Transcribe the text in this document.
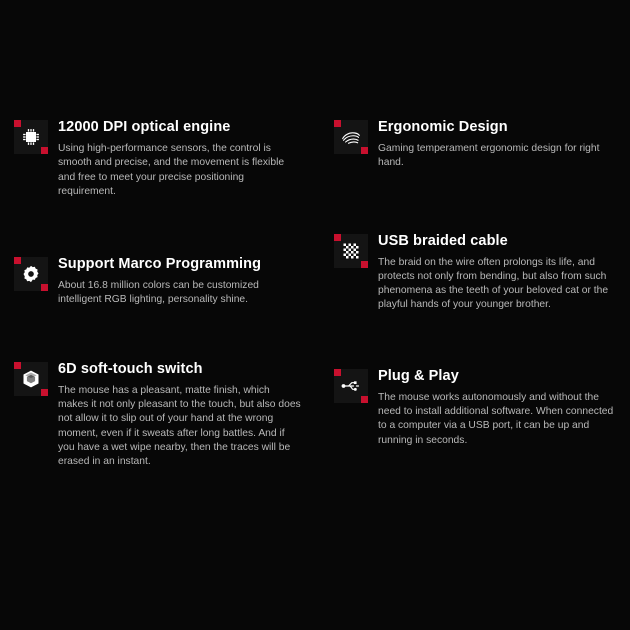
12000 DPI optical engine

Using high-performance sensors, the control is smooth and precise, and the movement is flexible and free to meet your precise positioning requirement.

Support Marco Programming

About 16.8 million colors can be customized intelligent RGB lighting, personality shine.

6D soft-touch switch

The mouse has a pleasant, matte finish, which makes it not only pleasant to the touch, but also does not allow it to slip out of your hand at the wrong moment, even if it sweats after long battles. And if you have a wet wipe nearby, then the traces will be erased in an instant.

Ergonomic Design

Gaming temperament ergonomic design for right hand.

USB braided cable

The braid on the wire often prolongs its life, and protects not only from bending, but also from such phenomena as the teeth of your beloved cat or the playful hands of your younger brother.

Plug & Play

The mouse works autonomously and without the need to install additional software. When connected to a computer via a USB port, it can be up and running in seconds.
